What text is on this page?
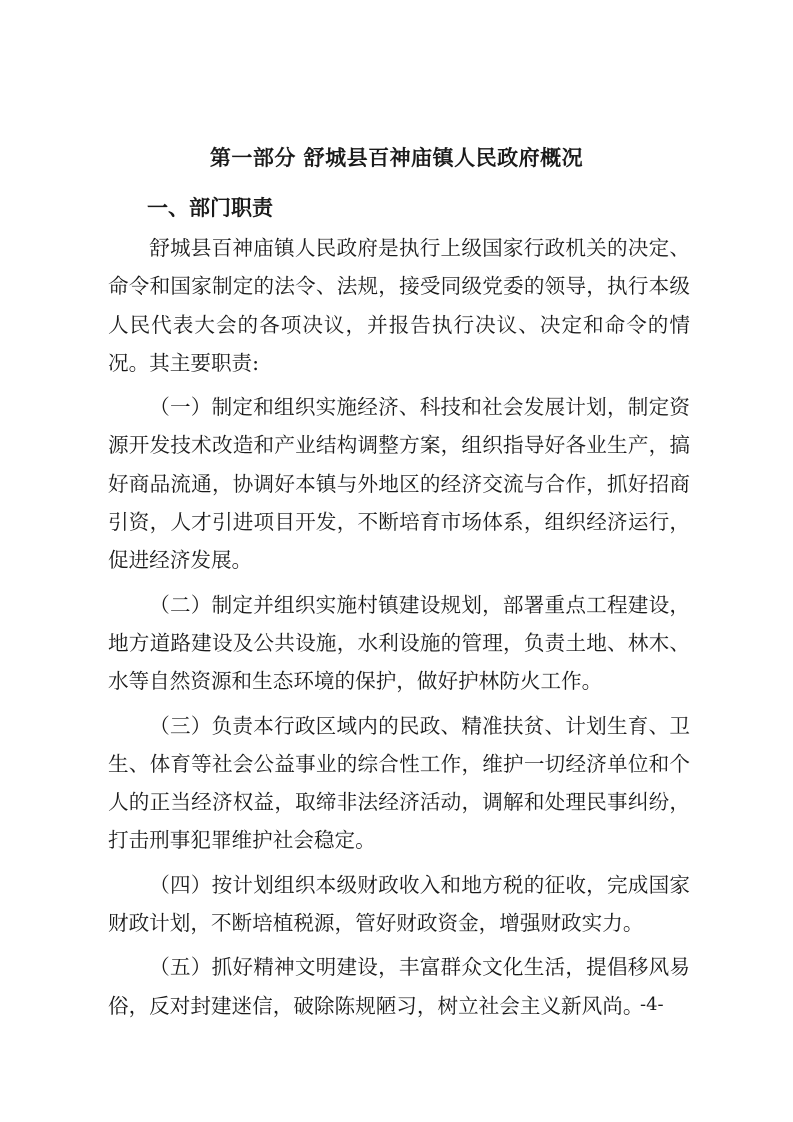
第一部分 舒城县百神庙镇人民政府概况
一、部门职责

舒城县百神庙镇人民政府是执行上级国家行政机关的决定、命令和国家制定的法令、法规，接受同级党委的领导，执行本级人民代表大会的各项决议，并报告执行决议、决定和命令的情况。其主要职责:

（一）制定和组织实施经济、科技和社会发展计划，制定资源开发技术改造和产业结构调整方案，组织指导好各业生产，搞好商品流通，协调好本镇与外地区的经济交流与合作，抓好招商引资，人才引进项目开发，不断培育市场体系，组织经济运行，促进经济发展。

（二）制定并组织实施村镇建设规划，部署重点工程建设，地方道路建设及公共设施，水利设施的管理，负责土地、林木、水等自然资源和生态环境的保护，做好护林防火工作。

（三）负责本行政区域内的民政、精准扶贫、计划生育、卫生、体育等社会公益事业的综合性工作，维护一切经济单位和个人的正当经济权益，取缔非法经济活动，调解和处理民事纠纷，打击刑事犯罪维护社会稳定。

（四）按计划组织本级财政收入和地方税的征收，完成国家财政计划，不断培植税源，管好财政资金，增强财政实力。

（五）抓好精神文明建设，丰富群众文化生活，提倡移风易俗，反对封建迷信，破除陈规陋习，树立社会主义新风尚。

-4-
